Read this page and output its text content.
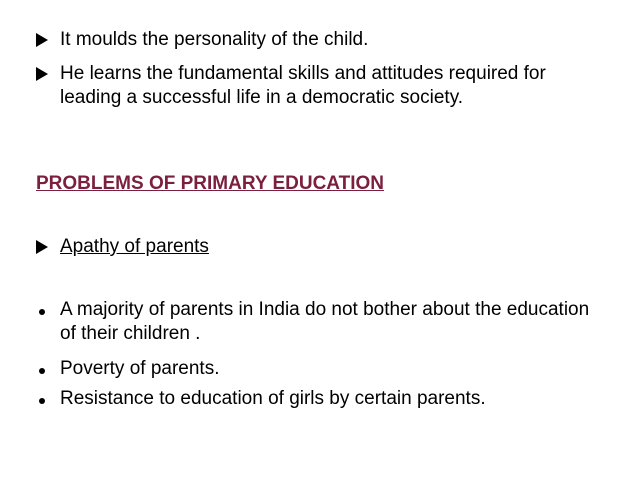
It moulds the personality of the child.
He learns the fundamental skills and attitudes required for leading a successful life in a democratic society.
PROBLEMS OF PRIMARY EDUCATION
Apathy of parents
A majority of parents in India do not bother about the education of their children .
Poverty of parents.
Resistance to education of girls by certain parents.
